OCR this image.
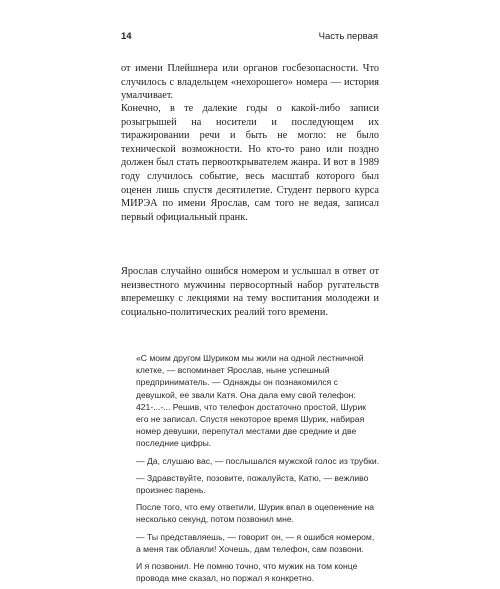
14	Часть первая

от имени Плейшнера или органов госбезопасности. Что случилось с владельцем «нехорошего» номера — история умалчивает.

Конечно, в те далекие годы о какой-либо записи розыгрышей на носители и последующем их тиражировании речи и быть не могло: не было технической возможности. Но кто-то рано или поздно должен был стать первооткрывателем жанра. И вот в 1989 году случилось событие, весь масштаб которого был оценен лишь спустя десятилетие. Студент первого курса МИРЭА по имени Ярослав, сам того не ведая, записал первый официальный пранк.

Ярослав случайно ошибся номером и услышал в ответ от неизвестного мужчины первосортный набор ругательств вперемешку с лекциями на тему воспитания молодежи и социально-политических реалий того времени.

«С моим другом Шуриком мы жили на одной лестничной клетке, — вспоминает Ярослав, ныне успешный предприниматель. — Однажды он познакомился с девушкой, ее звали Катя. Она дала ему свой телефон: 421-...-... Решив, что телефон достаточно простой, Шурик его не записал. Спустя некоторое время Шурик, набирая номер девушки, перепутал местами две средние и две последние цифры.

— Да, слушаю вас, — послышался мужской голос из трубки.

— Здравствуйте, позовите, пожалуйста, Катю, — вежливо произнес парень.

После того, что ему ответили, Шурик впал в оцепенение на несколько секунд, потом позвонил мне.

— Ты представляешь, — говорит он, — я ошибся номером, а меня так облаяли! Хочешь, дам телефон, сам позвони.

И я позвонил. Не помню точно, что мужик на том конце провода мне сказал, но поржал я конкретно.
